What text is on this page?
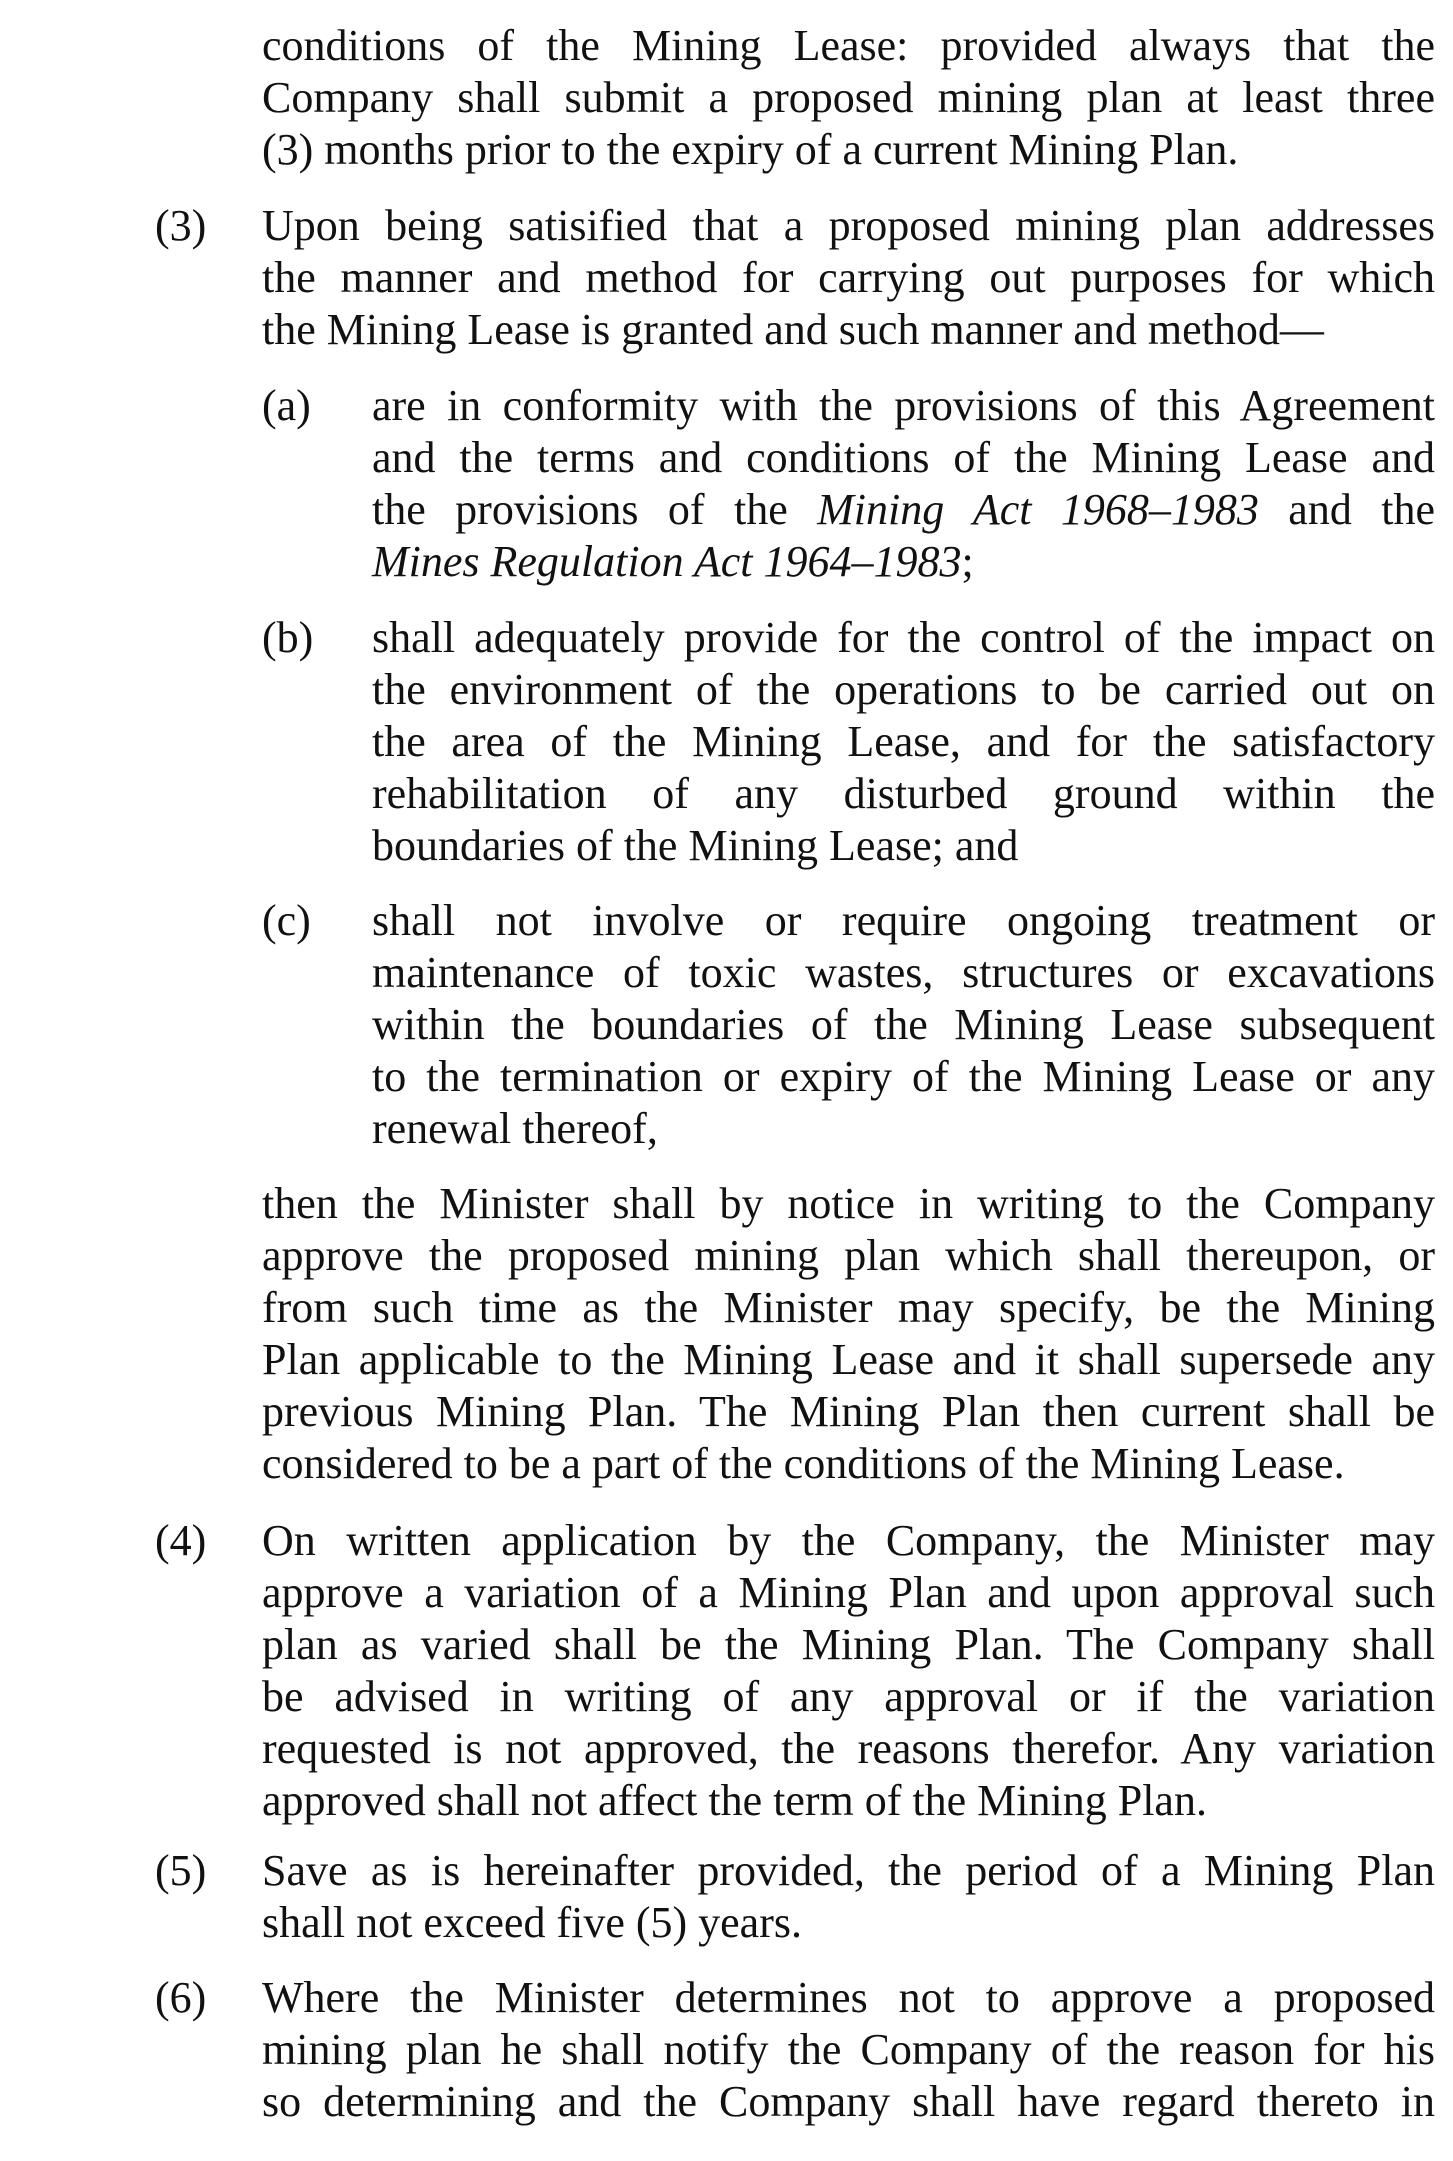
conditions of the Mining Lease: provided always that the
Company shall submit a proposed mining plan at least three
(3) months prior to the expiry of a current Mining Plan.
(3) Upon being satisified that a proposed mining plan addresses
the manner and method for carrying out purposes for which
the Mining Lease is granted and such manner and method—
(a) are in conformity with the provisions of this Agreement
and the terms and conditions of the Mining Lease and
the provisions of the Mining Act 1968–1983 and the
Mines Regulation Act 1964–1983;
(b) shall adequately provide for the control of the impact on
the environment of the operations to be carried out on
the area of the Mining Lease, and for the satisfactory
rehabilitation of any disturbed ground within the
boundaries of the Mining Lease; and
(c) shall not involve or require ongoing treatment or
maintenance of toxic wastes, structures or excavations
within the boundaries of the Mining Lease subsequent
to the termination or expiry of the Mining Lease or any
renewal thereof,
then the Minister shall by notice in writing to the Company
approve the proposed mining plan which shall thereupon, or
from such time as the Minister may specify, be the Mining
Plan applicable to the Mining Lease and it shall supersede any
previous Mining Plan. The Mining Plan then current shall be
considered to be a part of the conditions of the Mining Lease.
(4) On written application by the Company, the Minister may
approve a variation of a Mining Plan and upon approval such
plan as varied shall be the Mining Plan. The Company shall
be advised in writing of any approval or if the variation
requested is not approved, the reasons therefor. Any variation
approved shall not affect the term of the Mining Plan.
(5) Save as is hereinafter provided, the period of a Mining Plan
shall not exceed five (5) years.
(6) Where the Minister determines not to approve a proposed
mining plan he shall notify the Company of the reason for his
so determining and the Company shall have regard thereto in
